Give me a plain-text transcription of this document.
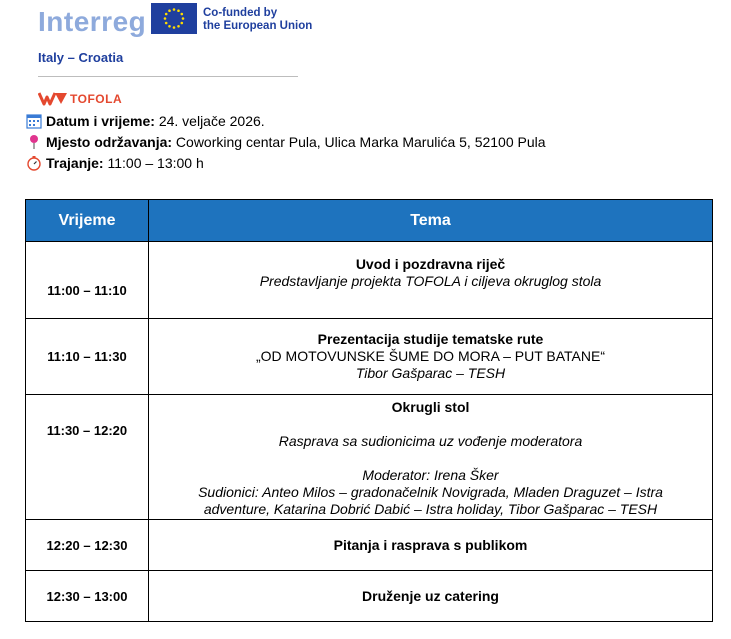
Interreg	Co-funded by
the European Union
Italy – Croatia
TOFOLA
Datum i vrijeme: 24. veljače 2026.
Mjesto održavanja: Coworking centar Pula, Ulica Marka Marulića 5, 52100 Pula
Trajanje: 11:00 – 13:00 h
Vrijeme	Tema
11:00 – 11:10	Uvod i pozdravna riječ
Predstavljanje projekta TOFOLA i ciljeva okruglog stola

11:10 – 11:30	Prezentacija studije tematske rute
„OD MOTOVUNSKE ŠUME DO MORA – PUT BATANE“
Tibor Gašparac – TESH

11:30 – 12:20	Okrugli stol
Rasprava sa sudionicima uz vođenje moderatora
Moderator: Irena Šker
Sudionici: Anteo Milos – gradonačelnik Novigrada, Mladen Draguzet – Istra
adventure, Katarina Dobrić Dabić – Istra holiday, Tibor Gašparac – TESH

12:20 – 12:30	Pitanja i rasprava s publikom

12:30 – 13:00	Druženje uz catering
